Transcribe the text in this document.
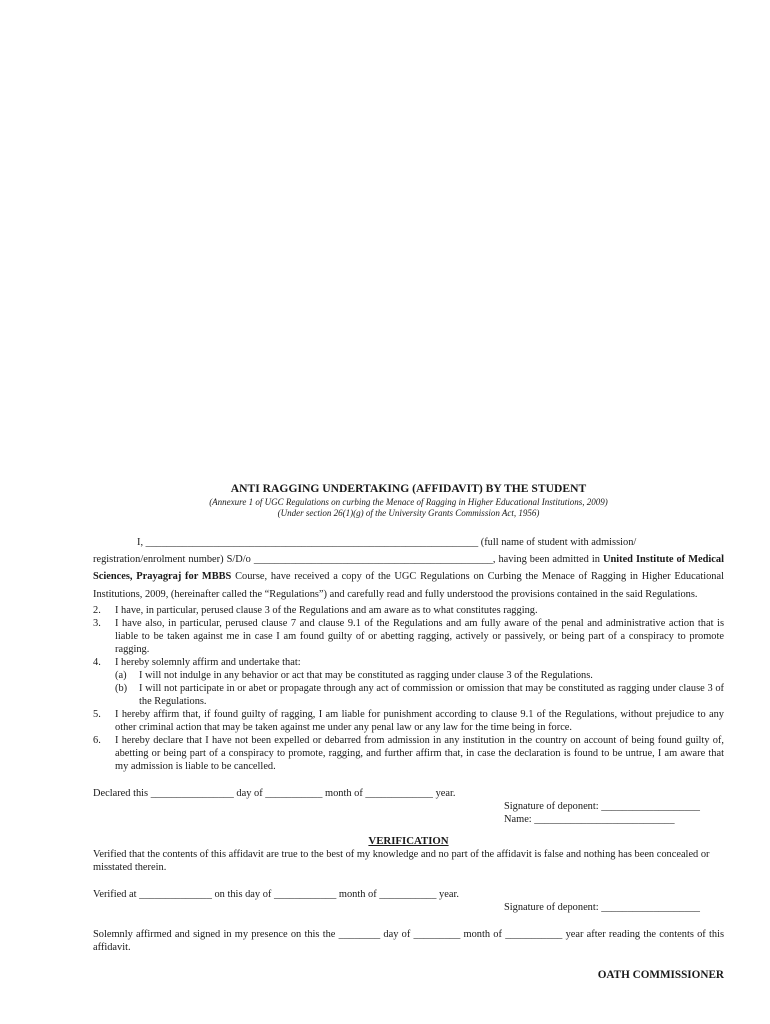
ANTI RAGGING UNDERTAKING (AFFIDAVIT) BY THE STUDENT
(Annexure 1 of UGC Regulations on curbing the Menace of Ragging in Higher Educational Institutions, 2009)
(Under section 26(1)(g) of the University Grants Commission Act, 1956)
I, ________________________________________________________________ (full name of student with admission/
registration/enrolment number) S/D/o ______________________________________________, having been admitted in United Institute of Medical Sciences, Prayagraj for MBBS Course, have received a copy of the UGC Regulations on Curbing the Menace of Ragging in Higher Educational Institutions, 2009, (hereinafter called the “Regulations”) and carefully read and fully understood the provisions contained in the said Regulations.
2.	I have, in particular, perused clause 3 of the Regulations and am aware as to what constitutes ragging.
3.	I have also, in particular, perused clause 7 and clause 9.1 of the Regulations and am fully aware of the penal and administrative action that is liable to be taken against me in case I am found guilty of or abetting ragging, actively or passively, or being part of a conspiracy to promote ragging.
4.	I hereby solemnly affirm and undertake that:
(a)	I will not indulge in any behavior or act that may be constituted as ragging under clause 3 of the Regulations.
(b)	I will not participate in or abet or propagate through any act of commission or omission that may be constituted as ragging under clause 3 of the Regulations.
5.	I hereby affirm that, if found guilty of ragging, I am liable for punishment according to clause 9.1 of the Regulations, without prejudice to any other criminal action that may be taken against me under any penal law or any law for the time being in force.
6.	I hereby declare that I have not been expelled or debarred from admission in any institution in the country on account of being found guilty of, abetting or being part of a conspiracy to promote, ragging, and further affirm that, in case the declaration is found to be untrue, I am aware that my admission is liable to be cancelled.
Declared this ________________ day of ___________ month of _____________ year.
Signature of deponent: ___________________
Name: ___________________________
VERIFICATION
Verified that the contents of this affidavit are true to the best of my knowledge and no part of the affidavit is false and nothing has been concealed or misstated therein.
Verified at ______________ on this day of ____________ month of ___________ year.
Signature of deponent: ___________________
Solemnly affirmed and signed in my presence on this the ________ day of _________ month of ___________ year after reading the contents of this affidavit.
OATH COMMISSIONER
